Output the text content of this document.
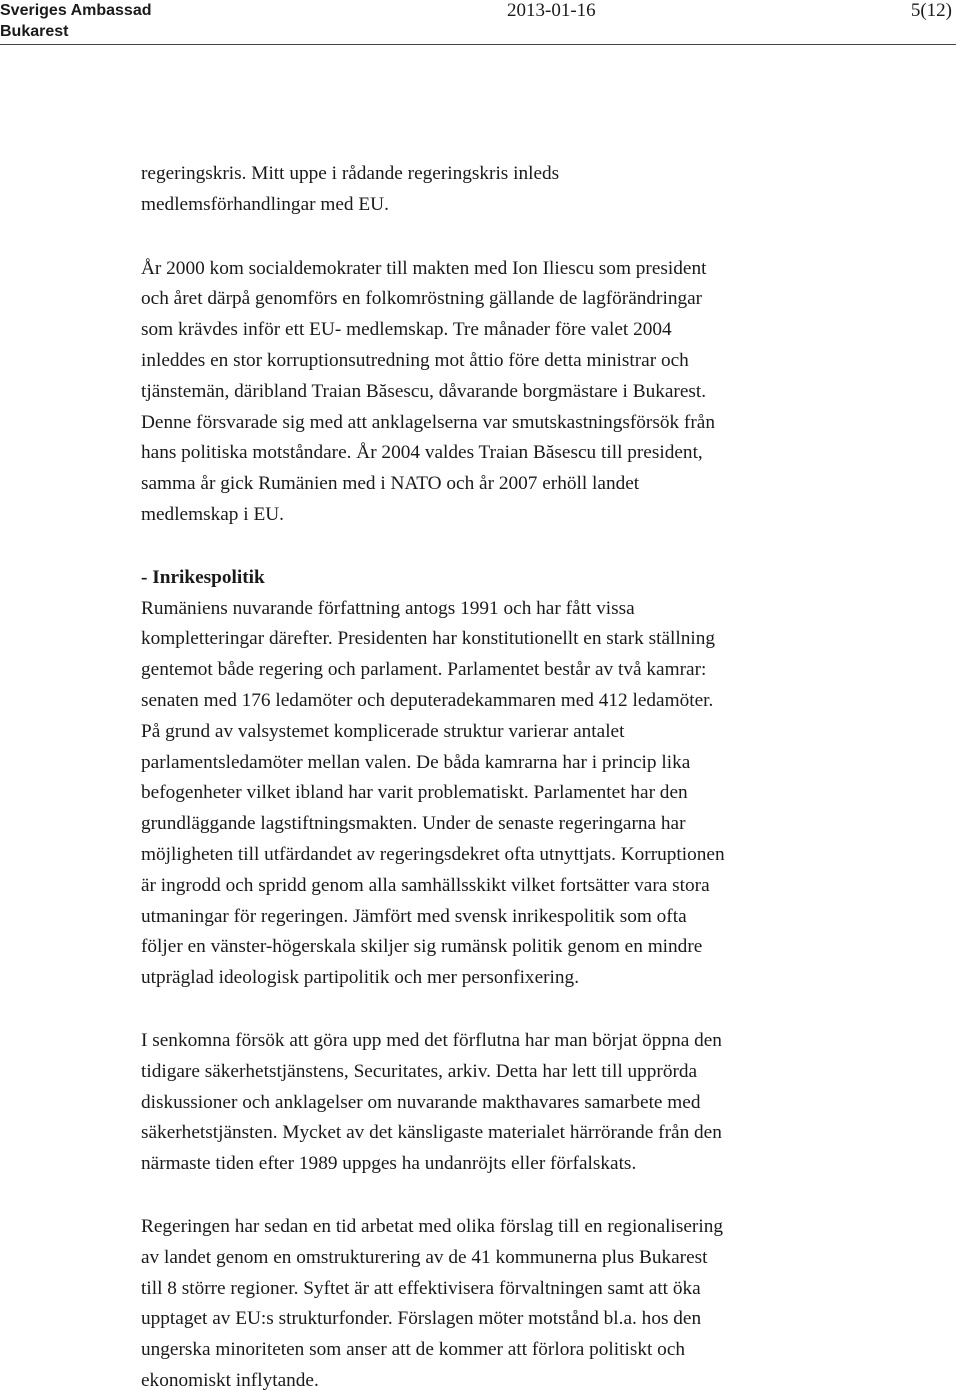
Sveriges Ambassad
Bukarest
2013-01-16	5(12)

regeringskris. Mitt uppe i rådande regeringskris inleds
medlemsförhandlingar med EU.

År 2000 kom socialdemokrater till makten med Ion Iliescu som president
och året därpå genomförs en folkomröstning gällande de lagförändringar
som krävdes inför ett EU- medlemskap. Tre månader före valet 2004
inleddes en stor korruptionsutredning mot åttio före detta ministrar och
tjänstemän, däribland Traian Băsescu, dåvarande borgmästare i Bukarest.
Denne försvarade sig med att anklagelserna var smutskastningsförsök från
hans politiska motståndare. År 2004 valdes Traian Băsescu till president,
samma år gick Rumänien med i NATO och år 2007 erhöll landet
medlemskap i EU.

- Inrikespolitik
Rumäniens nuvarande författning antogs 1991 och har fått vissa
kompletteringar därefter. Presidenten har konstitutionellt en stark ställning
gentemot både regering och parlament. Parlamentet består av två kamrar:
senaten med 176 ledamöter och deputeradekammaren med 412 ledamöter.
På grund av valsystemet komplicerade struktur varierar antalet
parlamentsledamöter mellan valen. De båda kamrarna har i princip lika
befogenheter vilket ibland har varit problematiskt. Parlamentet har den
grundläggande lagstiftningsmakten. Under de senaste regeringarna har
möjligheten till utfärdandet av regeringsdekret ofta utnyttjats. Korruptionen
är ingrodd och spridd genom alla samhällsskikt vilket fortsätter vara stora
utmaningar för regeringen. Jämfört med svensk inrikespolitik som ofta
följer en vänster-högerskala skiljer sig rumänsk politik genom en mindre
utpräglad ideologisk partipolitik och mer personfixering.

I senkomna försök att göra upp med det förflutna har man börjat öppna den
tidigare säkerhetstjänstens, Securitates, arkiv. Detta har lett till upprörda
diskussioner och anklagelser om nuvarande makthavares samarbete med
säkerhetstjänsten. Mycket av det känsligaste materialet härrörande från den
närmaste tiden efter 1989 uppges ha undanröjts eller förfalskats.

Regeringen har sedan en tid arbetat med olika förslag till en regionalisering
av landet genom en omstrukturering av de 41 kommunerna plus Bukarest
till 8 större regioner. Syftet är att effektivisera förvaltningen samt att öka
upptaget av EU:s strukturfonder. Förslagen möter motstånd bl.a. hos den
ungerska minoriteten som anser att de kommer att förlora politiskt och
ekonomiskt inflytande.
